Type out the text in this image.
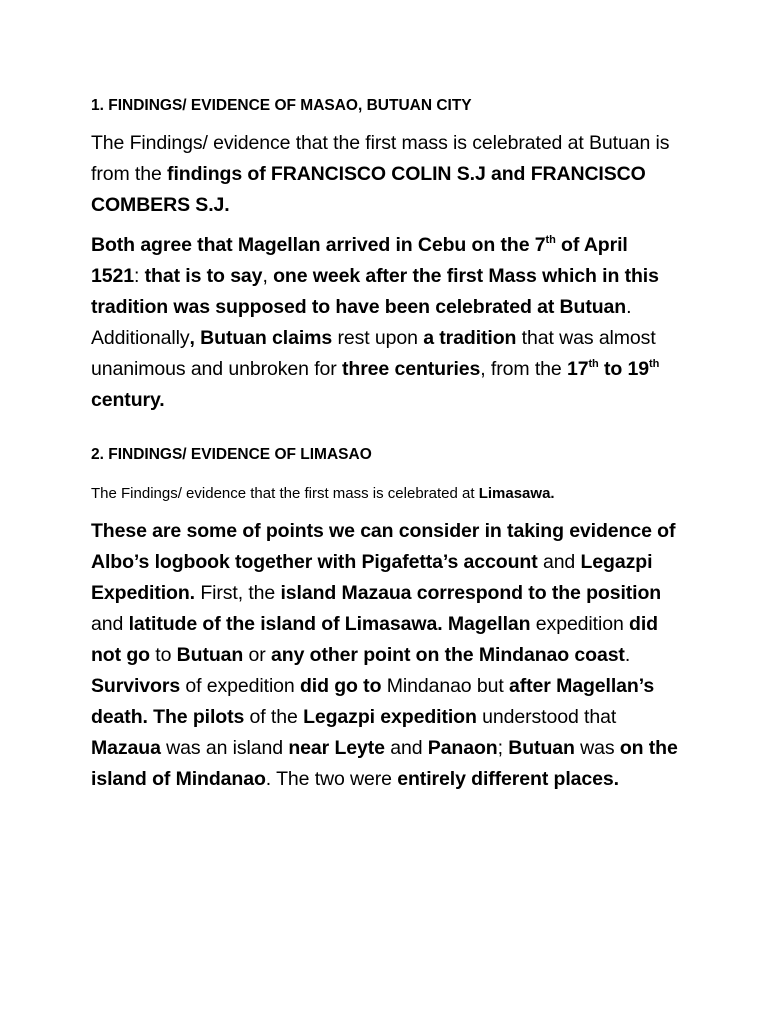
1. FINDINGS/ EVIDENCE OF MASAO, BUTUAN CITY

The Findings/ evidence that the first mass is celebrated at Butuan is from the findings of FRANCISCO COLIN S.J and FRANCISCO COMBERS S.J.

Both agree that Magellan arrived in Cebu on the 7th of April 1521: that is to say, one week after the first Mass which in this tradition was supposed to have been celebrated at Butuan. Additionally, Butuan claims rest upon a tradition that was almost unanimous and unbroken for three centuries, from the 17th to 19th century.

2. FINDINGS/ EVIDENCE OF LIMASAO

The Findings/ evidence that the first mass is celebrated at Limasawa.

These are some of points we can consider in taking evidence of Albo’s logbook together with Pigafetta’s account and Legazpi Expedition. First, the island Mazaua correspond to the position and latitude of the island of Limasawa. Magellan expedition did not go to Butuan or any other point on the Mindanao coast. Survivors of expedition did go to Mindanao but after Magellan’s death. The pilots of the Legazpi expedition understood that Mazaua was an island near Leyte and Panaon; Butuan was on the island of Mindanao. The two were entirely different places.
